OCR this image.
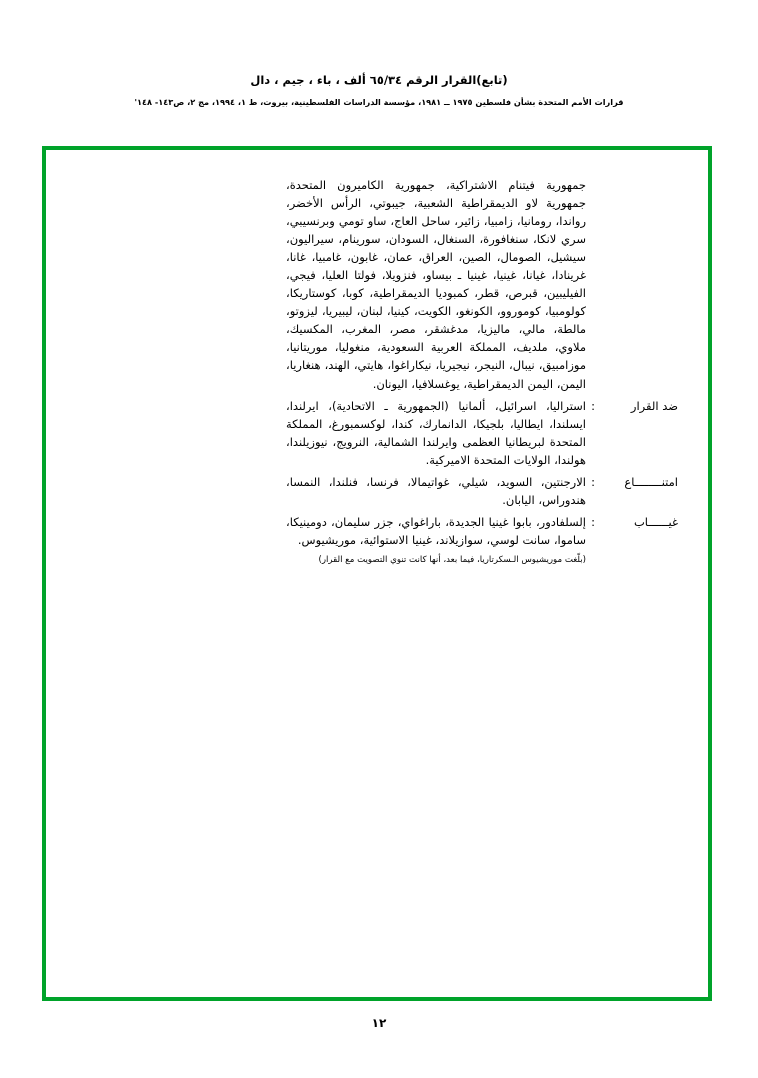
(تابع)القرار الرقم ٦٥/٣٤ ألف ، باء ، جيم ، دال
قرارات الأمم المتحدة بشأن فلسطين ١٩٧٥ ــ ١٩٨١، مؤسسة الدراسات الفلسطينية، بيروت، ط ١، ١٩٩٤، مج ٢، ص١٤٣- ١٤٨'
جمهورية فيتنام الاشتراكية، جمهورية الكاميرون المتحدة، جمهورية لاو الديمقراطية الشعبية، جيبوتي، الرأس الأخضر، رواندا، رومانيا، زامبيا، زائير، ساحل العاج، ساو تومي وبرنسيبي، سري لانكا، سنغافورة، السنغال، السودان، سورينام، سيراليون، سيشيل، الصومال، الصين، العراق، عمان، غابون، غامبيا، غانا، غرينادا، غيانا، غينيا، غينيا ـ بيساو، فنزويلا، فولتا العليا، فيجي، الفيليبين، قبرص، قطر، كمبوديا الديمقراطية، كوبا، كوستاريكا، كولومبيا، كوموروو، الكونغو، الكويت، كينيا، لبنان، ليبيريا، ليزوتو، مالطة، مالي، ماليزيا، مدغشقر، مصر، المغرب، المكسيك، ملاوي، ملديف، المملكة العربية السعودية، منغوليا، موريتانيا، موزامبيق، نيبال، النيجر، نيجيريا، نيكاراغوا، هايتي، الهند، هنغاريا، اليمن، اليمن الديمقراطية، يوغسلافيا، اليونان.
ضد القرار
:
استراليا، اسرائيل، ألمانيا (الجمهورية ـ الاتحادية)، ايرلندا، ايسلندا، ايطاليا، بلجيكا، الدانمارك، كندا، لوكسمبورغ، المملكة المتحدة لبريطانيا العظمى وايرلندا الشمالية، النرويج، نيوزيلندا، هولندا، الولايات المتحدة الاميركية.
امتنــــــــاع
:
الارجنتين، السويد، شيلي، غواتيمالا، فرنسا، فنلندا، النمسا، هندوراس، اليابان.
غيــــــاب
:
إلسلفادور، بابوا غينيا الجديدة، باراغواي، جزر سليمان، دومينيكا، ساموا، سانت لوسي، سوازيلاند، غينيا الاستوائية، موريشيوس.
(بلّغت موريشيوس الـسكرتاريا، فيما بعد، أنها كانت تنوي التصويت مع القرار)
١٢
